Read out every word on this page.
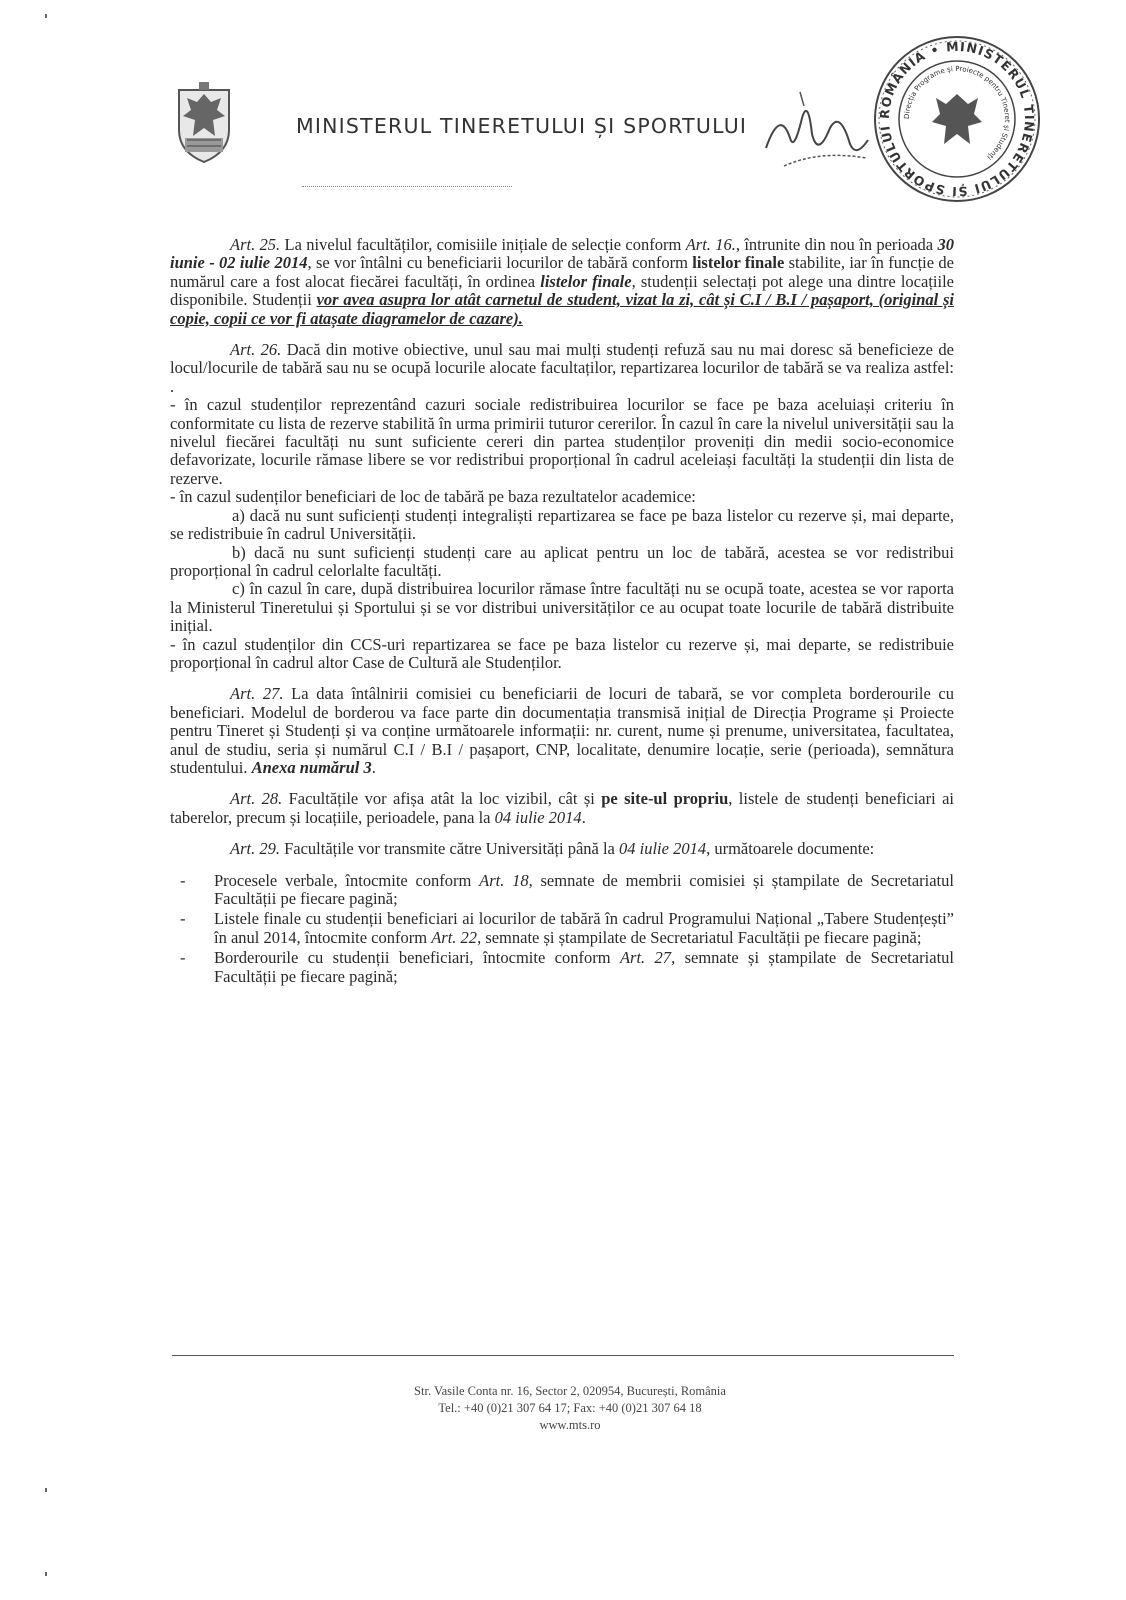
MINISTERUL TINERETULUI ȘI SPORTULUI
ROMÂNIA • MINISTERUL TINERETULUI ȘI SPORTULUI
Direcția Programe și Proiecte pentru Tineret și Studenți

Art. 25. La nivelul facultăților, comisiile inițiale de selecție conform Art. 16., întrunite din nou în perioada 30 iunie - 02 iulie 2014, se vor întâlni cu beneficiarii locurilor de tabără conform listelor finale stabilite, iar în funcție de numărul care a fost alocat fiecărei facultăți, în ordinea listelor finale, studenții selectați pot alege una dintre locațiile disponibile. Studenții vor avea asupra lor atât carnetul de student, vizat la zi, cât și C.I / B.I / pașaport, (original și copie, copii ce vor fi atașate diagramelor de cazare).

Art. 26. Dacă din motive obiective, unul sau mai mulți studenți refuză sau nu mai doresc să beneficieze de locul/locurile de tabără sau nu se ocupă locurile alocate facultaților, repartizarea locurilor de tabără se va realiza astfel: .

- în cazul studenților reprezentând cazuri sociale redistribuirea locurilor se face pe baza aceluiași criteriu în conformitate cu lista de rezerve stabilită în urma primirii tuturor cererilor. În cazul în care la nivelul universității sau la nivelul fiecărei facultăți nu sunt suficiente cereri din partea studenților proveniți din medii socio-economice defavorizate, locurile rămase libere se vor redistribui proporțional în cadrul aceleiași facultăți la studenții din lista de rezerve.

- în cazul sudenților beneficiari de loc de tabără pe baza rezultatelor academice:

a) dacă nu sunt suficienți studenți integraliști repartizarea se face pe baza listelor cu rezerve și, mai departe, se redistribuie în cadrul Universității.

b) dacă nu sunt suficienți studenți care au aplicat pentru un loc de tabără, acestea se vor redistribui proporțional în cadrul celorlalte facultăți.

c) în cazul în care, după distribuirea locurilor rămase între facultăți nu se ocupă toate, acestea se vor raporta la Ministerul Tineretului și Sportului și se vor distribui universităților ce au ocupat toate locurile de tabără distribuite inițial.

- în cazul studenților din CCS-uri repartizarea se face pe baza listelor cu rezerve și, mai departe, se redistribuie proporțional în cadrul altor Case de Cultură ale Studenților.

Art. 27. La data întâlnirii comisiei cu beneficiarii de locuri de tabară, se vor completa borderourile cu beneficiari. Modelul de borderou va face parte din documentația transmisă inițial de Direcția Programe și Proiecte pentru Tineret și Studenți și va conține următoarele informații: nr. curent, nume și prenume, universitatea, facultatea, anul de studiu, seria și numărul C.I / B.I / pașaport, CNP, localitate, denumire locație, serie (perioada), semnătura studentului. Anexa numărul 3.

Art. 28. Facultățile vor afișa atât la loc vizibil, cât și pe site-ul propriu, listele de studenți beneficiari ai taberelor, precum și locațiile, perioadele, pana la 04 iulie 2014.

Art. 29. Facultățile vor transmite către Universități până la 04 iulie 2014, următoarele documente:

- Procesele verbale, întocmite conform Art. 18, semnate de membrii comisiei și ștampilate de Secretariatul Facultății pe fiecare pagină;
- Listele finale cu studenții beneficiari ai locurilor de tabără în cadrul Programului Național „Tabere Studențești” în anul 2014, întocmite conform Art. 22, semnate și ștampilate de Secretariatul Facultății pe fiecare pagină;
- Borderourile cu studenții beneficiari, întocmite conform Art. 27, semnate și ștampilate de Secretariatul Facultății pe fiecare pagină;
Str. Vasile Conta nr. 16, Sector 2, 020954, București, România
Tel.: +40 (0)21 307 64 17; Fax: +40 (0)21 307 64 18
www.mts.ro
